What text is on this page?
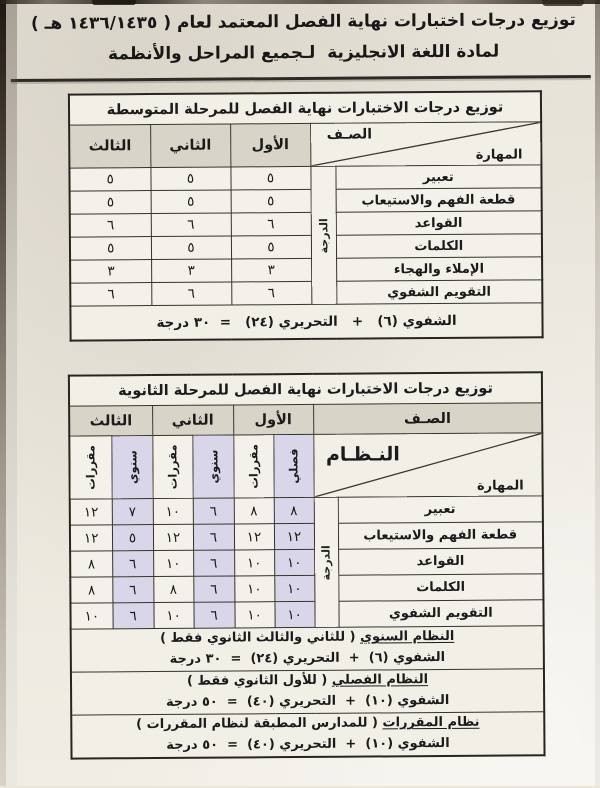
توزيع درجات اختبارات نهاية الفصل المعتمد لعام ( ١٤٣٦/١٤٣٥ هـ )
لمادة اللغة الانجليزية  لـجميع المراحل والأنظمة
توزيع درجات الاختبارات نهاية الفصل للمرحلة المتوسطة				

الصـف
المهارة		الأول	الثاني	الثالث
تعبير	الدرجة	٥	٥	٥
قطعة الفهم والاستيعاب		٥	٥	٥
القواعد		٦	٦	٦
الكلمات		٥	٥	٥
الإملاء والهجاء		٣	٣	٣
التقويم الشفوي		٦	٦	٦
الشفوي (٦)   +   التحريري (٢٤)   =  ٣٠ درجة				
توزيع درجات الاختبارات نهاية الفصل للمرحلة الثانوية							
الصـف		الأول		الثاني		الثالث	

النـظـام
المهارة		فصلي	مقررات	سنوي	مقررات	سنوي	مقررات

تعبير	الدرجة	٨	٨	٦	١٠	٧	١٢
قطعة الفهم والاستيعاب		١٢	١٢	٦	١٢	٥	١٢
القواعد		١٠	١٠	٦	١٠	٦	٨
الكلمات		١٠	١٠	٦	٨	٦	٨
التقويم الشفوي		١٠	١٠	٦	١٠	٦	١٠

النظام السنوي ( للثاني والثالث الثانوي فقط )
الشفوي (٦)  +  التحريري (٢٤)  =  ٣٠ درجة							

النظام الفصلي ( للأول الثانوي فقط )
الشفوي (١٠)  +  التحريري (٤٠)  =  ٥٠ درجة							

نظام المقررات ( للمدارس المطبقة لنظام المقررات )
الشفوي (١٠)  +  التحريري (٤٠)  =  ٥٠ درجة							
